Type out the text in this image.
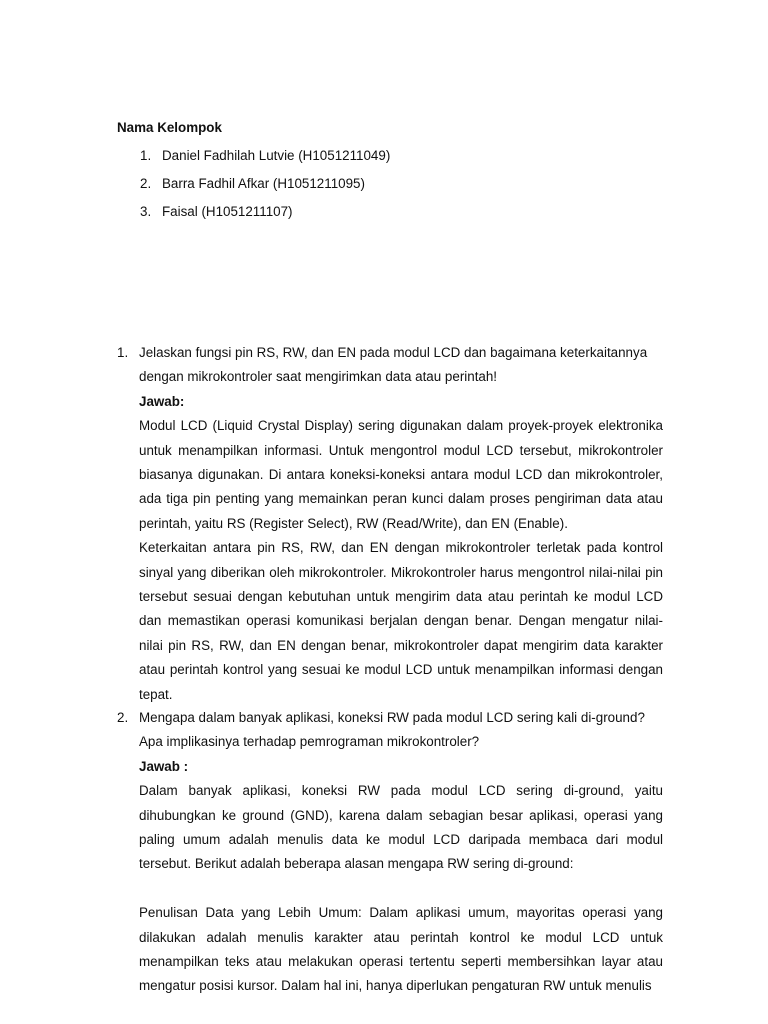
Nama Kelompok
1. Daniel Fadhilah Lutvie (H1051211049)
2. Barra Fadhil Afkar (H1051211095)
3. Faisal (H1051211107)
1. Jelaskan fungsi pin RS, RW, dan EN pada modul LCD dan bagaimana keterkaitannya dengan mikrokontroler saat mengirimkan data atau perintah!

Jawab:

Modul LCD (Liquid Crystal Display) sering digunakan dalam proyek-proyek elektronika untuk menampilkan informasi. Untuk mengontrol modul LCD tersebut, mikrokontroler biasanya digunakan. Di antara koneksi-koneksi antara modul LCD dan mikrokontroler, ada tiga pin penting yang memainkan peran kunci dalam proses pengiriman data atau perintah, yaitu RS (Register Select), RW (Read/Write), dan EN (Enable).

Keterkaitan antara pin RS, RW, dan EN dengan mikrokontroler terletak pada kontrol sinyal yang diberikan oleh mikrokontroler. Mikrokontroler harus mengontrol nilai-nilai pin tersebut sesuai dengan kebutuhan untuk mengirim data atau perintah ke modul LCD dan memastikan operasi komunikasi berjalan dengan benar. Dengan mengatur nilai-nilai pin RS, RW, dan EN dengan benar, mikrokontroler dapat mengirim data karakter atau perintah kontrol yang sesuai ke modul LCD untuk menampilkan informasi dengan tepat.

2. Mengapa dalam banyak aplikasi, koneksi RW pada modul LCD sering kali di-ground? Apa implikasinya terhadap pemrograman mikrokontroler?

Jawab :

Dalam banyak aplikasi, koneksi RW pada modul LCD sering di-ground, yaitu dihubungkan ke ground (GND), karena dalam sebagian besar aplikasi, operasi yang paling umum adalah menulis data ke modul LCD daripada membaca dari modul tersebut. Berikut adalah beberapa alasan mengapa RW sering di-ground:

Penulisan Data yang Lebih Umum: Dalam aplikasi umum, mayoritas operasi yang dilakukan adalah menulis karakter atau perintah kontrol ke modul LCD untuk menampilkan teks atau melakukan operasi tertentu seperti membersihkan layar atau mengatur posisi kursor. Dalam hal ini, hanya diperlukan pengaturan RW untuk menulis
